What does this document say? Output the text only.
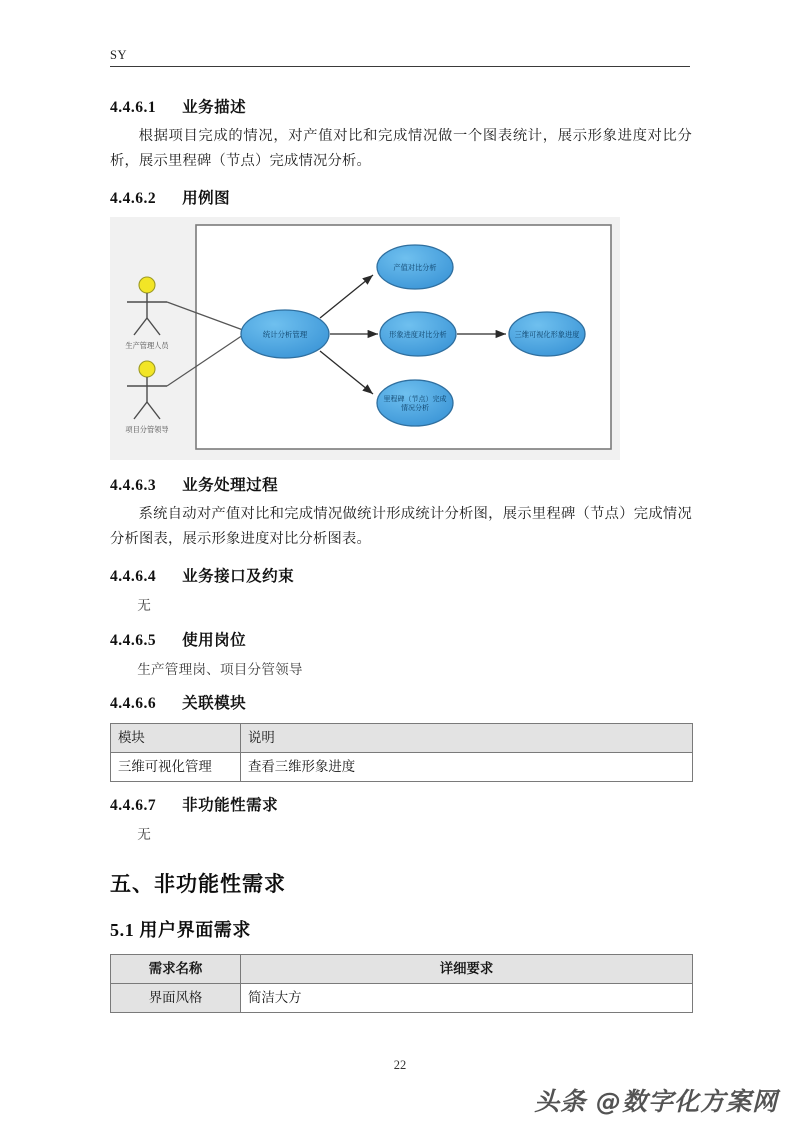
SY
4.4.6.1 业务描述

根据项目完成的情况，对产值对比和完成情况做一个图表统计，展示形象进度对比分析，展示里程碑（节点）完成情况分析。

4.4.6.2 用例图
生产管理人员
项目分管领导
统计分析管理
产值对比分析
形象进度对比分析
里程碑（节点）完成情况分析
三维可视化形象进度
4.4.6.3 业务处理过程

系统自动对产值对比和完成情况做统计形成统计分析图，展示里程碑（节点）完成情况分析图表，展示形象进度对比分析图表。

4.4.6.4 业务接口及约束

无

4.4.6.5 使用岗位

生产管理岗、项目分管领导

4.4.6.6 关联模块
模块	说明
三维可视化管理	查看三维形象进度
4.4.6.7 非功能性需求

无

五、非功能性需求
5.1 用户界面需求
需求名称	详细要求
界面风格	简洁大方
22
头条 @数字化方案网
